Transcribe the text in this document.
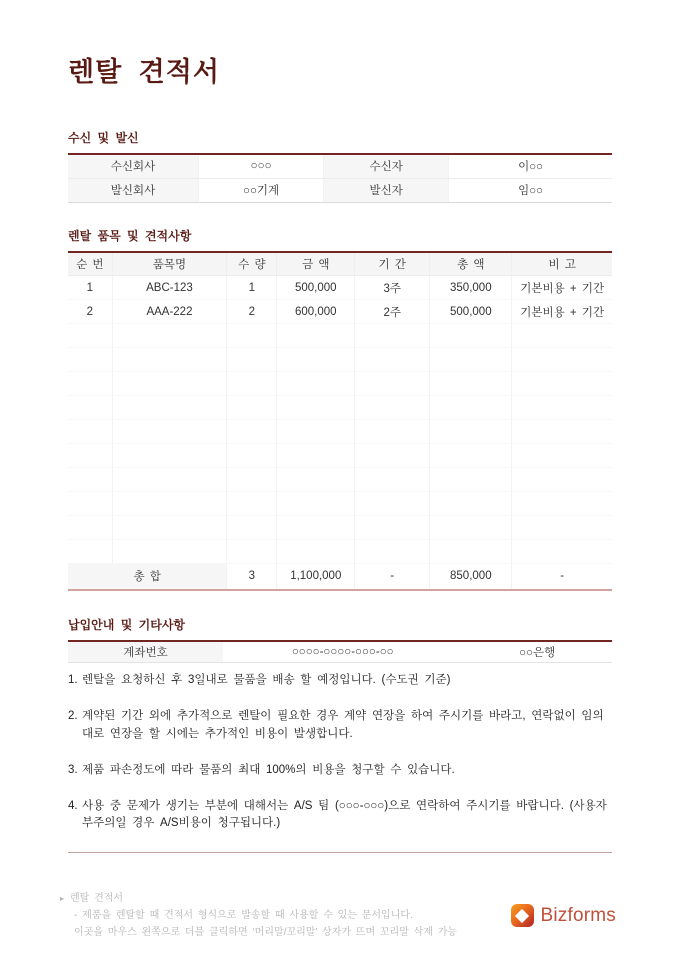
렌탈 견적서
수신 및 발신
수신회사	○○○	수신자	이○○
발신회사	○○기계	발신자	임○○
렌탈 품목 및 견적사항
순 번	품목명	수 량	금 액	기 간	총 액	비 고
1	ABC-123	1	500,000	3주	350,000	기본비용 + 기간
2	AAA-222	2	600,000	2주	500,000	기본비용 + 기간

총 합		3	1,100,000	-	850,000	-
납입안내 및 기타사항
계좌번호	○○○○-○○○○-○○○-○○	○○은행
1. 렌탈을 요청하신 후 3일내로 물품을 배송 할 예정입니다. (수도권 기준)
2. 계약된 기간 외에 추가적으로 렌탈이 필요한 경우 계약 연장을 하여 주시기를 바라고, 연락없이 임의대로 연장을 할 시에는 추가적인 비용이 발생합니다.
3. 제품 파손정도에 따라 물품의 최대 100%의 비용을 청구할 수 있습니다.
4. 사용 중 문제가 생기는 부분에 대해서는 A/S 팀 (○○○-○○○)으로 연락하여 주시기를 바랍니다. (사용자 부주의일 경우 A/S비용이 청구됩니다.)
▸ 렌탈 견적서
- 제품을 렌탈할 때 견적서 형식으로 발송할 때 사용할 수 있는 문서입니다.
이곳을 마우스 왼쪽으로 더블 클릭하면 ‘머리말/꼬리말’ 상자가 뜨며 꼬리말 삭제 가능
Bizforms
